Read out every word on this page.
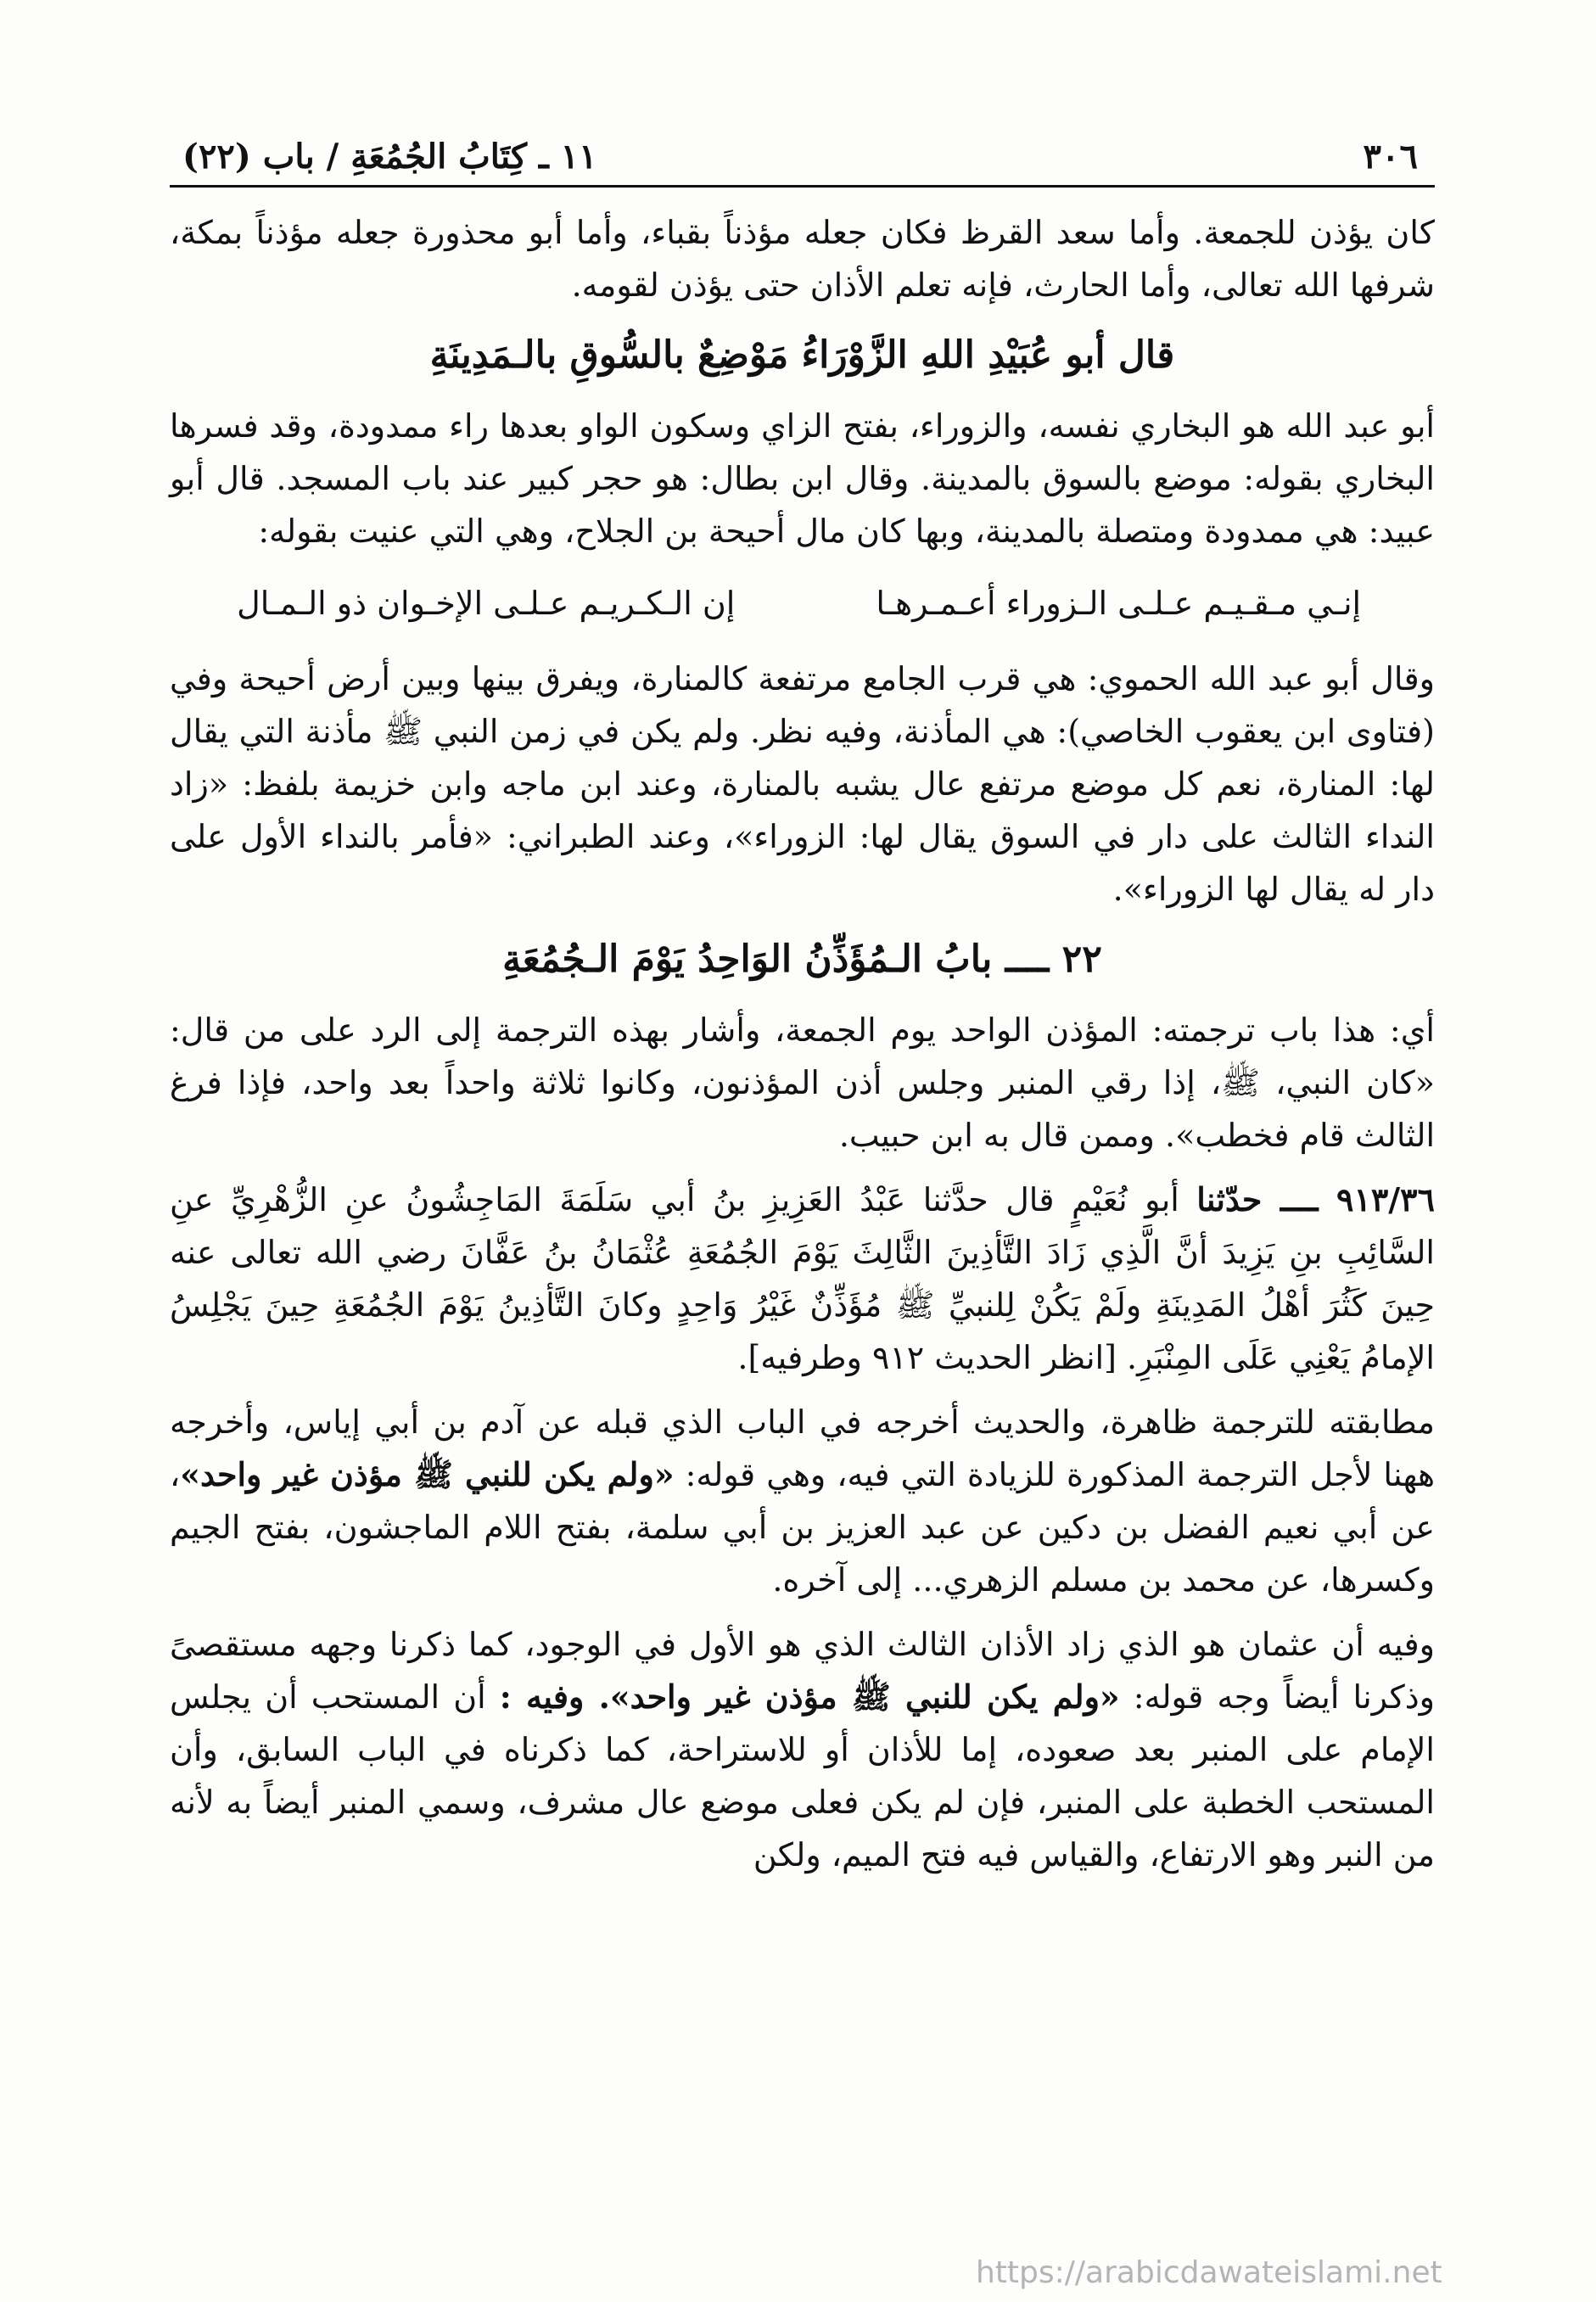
٣٠٦
١١ ـ كِتَابُ الجُمُعَةِ / باب (٢٢)

كان يؤذن للجمعة. وأما سعد القرظ فكان جعله مؤذناً بقباء، وأما أبو محذورة جعله مؤذناً بمكة، شرفها الله تعالى، وأما الحارث، فإنه تعلم الأذان حتى يؤذن لقومه.

قال أبو عُبَيْدِ اللهِ الزَّوْرَاءُ مَوْضِعٌ بالسُّوقِ بالـمَدِينَةِ

أبو عبد الله هو البخاري نفسه، والزوراء، بفتح الزاي وسكون الواو بعدها راء ممدودة، وقد فسرها البخاري بقوله: موضع بالسوق بالمدينة. وقال ابن بطال: هو حجر كبير عند باب المسجد. قال أبو عبيد: هي ممدودة ومتصلة بالمدينة، وبها كان مال أحيحة بن الجلاح، وهي التي عنيت بقوله:

إنـي مـقـيـم عـلـى الـزوراء أعـمـرهـا
إن الـكـريـم عـلـى الإخـوان ذو الـمـال

وقال أبو عبد الله الحموي: هي قرب الجامع مرتفعة كالمنارة، ويفرق بينها وبين أرض أحيحة وفي (فتاوى ابن يعقوب الخاصي): هي المأذنة، وفيه نظر. ولم يكن في زمن النبي ﷺ مأذنة التي يقال لها: المنارة، نعم كل موضع مرتفع عال يشبه بالمنارة، وعند ابن ماجه وابن خزيمة بلفظ: «زاد النداء الثالث على دار في السوق يقال لها: الزوراء»، وعند الطبراني: «فأمر بالنداء الأول على دار له يقال لها الزوراء».

٢٢ ــــ بابُ الـمُؤَذِّنُ الوَاحِدُ يَوْمَ الـجُمُعَةِ

أي: هذا باب ترجمته: المؤذن الواحد يوم الجمعة، وأشار بهذه الترجمة إلى الرد على من قال: «كان النبي، ﷺ، إذا رقي المنبر وجلس أذن المؤذنون، وكانوا ثلاثة واحداً بعد واحد، فإذا فرغ الثالث قام فخطب». وممن قال به ابن حبيب.

٩١٣/٣٦ ــــ حدّثنا أبو نُعَيْمٍ قال حدَّثنا عَبْدُ العَزِيزِ بنُ أبي سَلَمَةَ المَاجِشُونُ عنِ الزُّهْرِيِّ عنِ السَّائِبِ بنِ يَزِيدَ أنَّ الَّذِي زَادَ التَّأذِينَ الثَّالِثَ يَوْمَ الجُمُعَةِ عُثْمَانُ بنُ عَفَّانَ رضي الله تعالى عنه حِينَ كَثُرَ أهْلُ المَدِينَةِ ولَمْ يَكُنْ لِلنبيِّ ﷺ مُؤَذِّنٌ غَيْرُ وَاحِدٍ وكانَ التَّأذِينُ يَوْمَ الجُمُعَةِ حِينَ يَجْلِسُ الإمامُ يَعْنِي عَلَى المِنْبَرِ. [انظر الحديث ٩١٢ وطرفيه].

مطابقته للترجمة ظاهرة، والحديث أخرجه في الباب الذي قبله عن آدم بن أبي إياس، وأخرجه ههنا لأجل الترجمة المذكورة للزيادة التي فيه، وهي قوله: «ولم يكن للنبي ﷺ مؤذن غير واحد»، عن أبي نعيم الفضل بن دكين عن عبد العزيز بن أبي سلمة، بفتح اللام الماجشون، بفتح الجيم وكسرها، عن محمد بن مسلم الزهري... إلى آخره.

وفيه أن عثمان هو الذي زاد الأذان الثالث الذي هو الأول في الوجود، كما ذكرنا وجهه مستقصىً وذكرنا أيضاً وجه قوله: «ولم يكن للنبي ﷺ مؤذن غير واحد». وفيه : أن المستحب أن يجلس الإمام على المنبر بعد صعوده، إما للأذان أو للاستراحة، كما ذكرناه في الباب السابق، وأن المستحب الخطبة على المنبر، فإن لم يكن فعلى موضع عال مشرف، وسمي المنبر أيضاً به لأنه من النبر وهو الارتفاع، والقياس فيه فتح الميم، ولكن

https://arabicdawateislami.net
